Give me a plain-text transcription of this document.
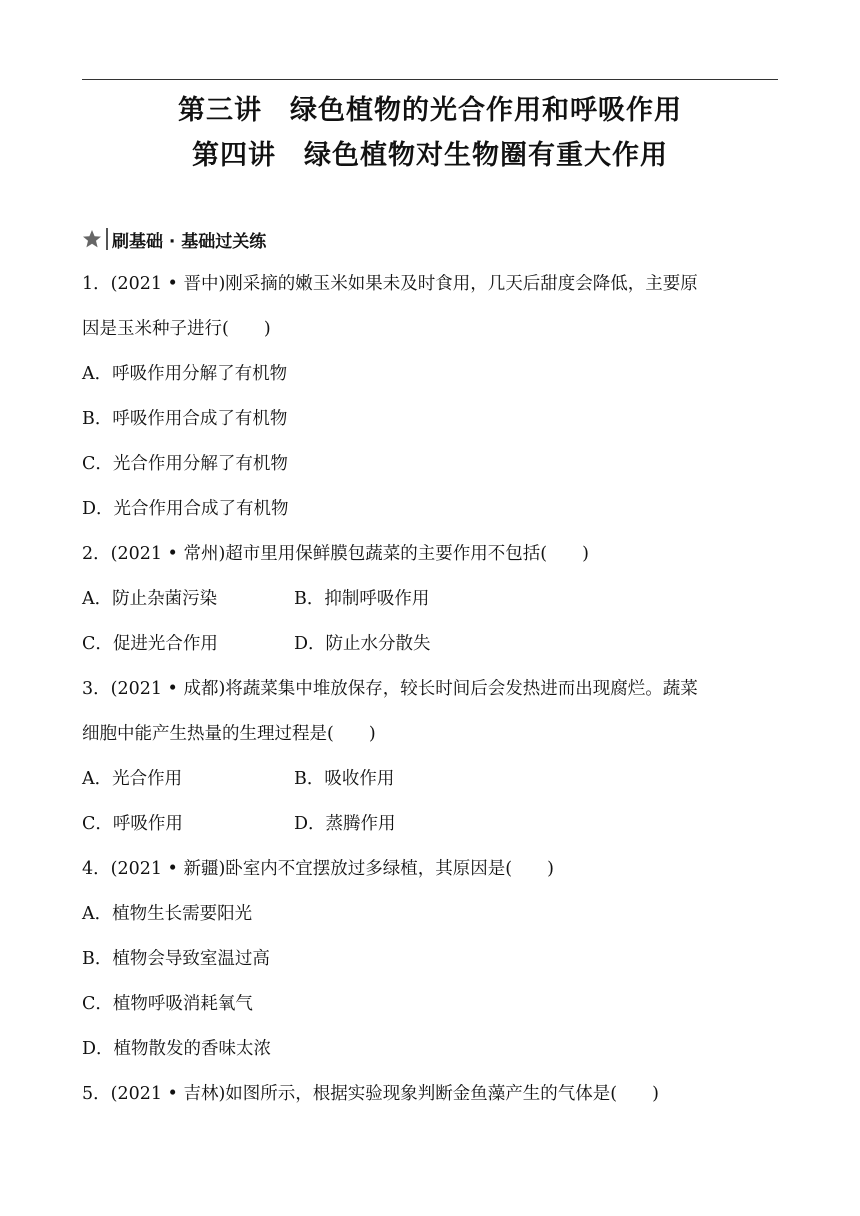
第三讲　绿色植物的光合作用和呼吸作用
第四讲　绿色植物对生物圈有重大作用
刷基础 · 基础过关练
1．(2021 • 晋中)刚采摘的嫩玉米如果未及时食用，几天后甜度会降低，主要原
因是玉米种子进行(　　)
A．呼吸作用分解了有机物
B．呼吸作用合成了有机物
C．光合作用分解了有机物
D．光合作用合成了有机物
2．(2021 • 常州)超市里用保鲜膜包蔬菜的主要作用不包括(　　)
A．防止杂菌污染	B．抑制呼吸作用
C．促进光合作用	D．防止水分散失
3．(2021 • 成都)将蔬菜集中堆放保存，较长时间后会发热进而出现腐烂。蔬菜
细胞中能产生热量的生理过程是(　　)
A．光合作用	B．吸收作用
C．呼吸作用	D．蒸腾作用
4．(2021 • 新疆)卧室内不宜摆放过多绿植，其原因是(　　)
A．植物生长需要阳光
B．植物会导致室温过高
C．植物呼吸消耗氧气
D．植物散发的香味太浓
5．(2021 • 吉林)如图所示，根据实验现象判断金鱼藻产生的气体是(　　)
